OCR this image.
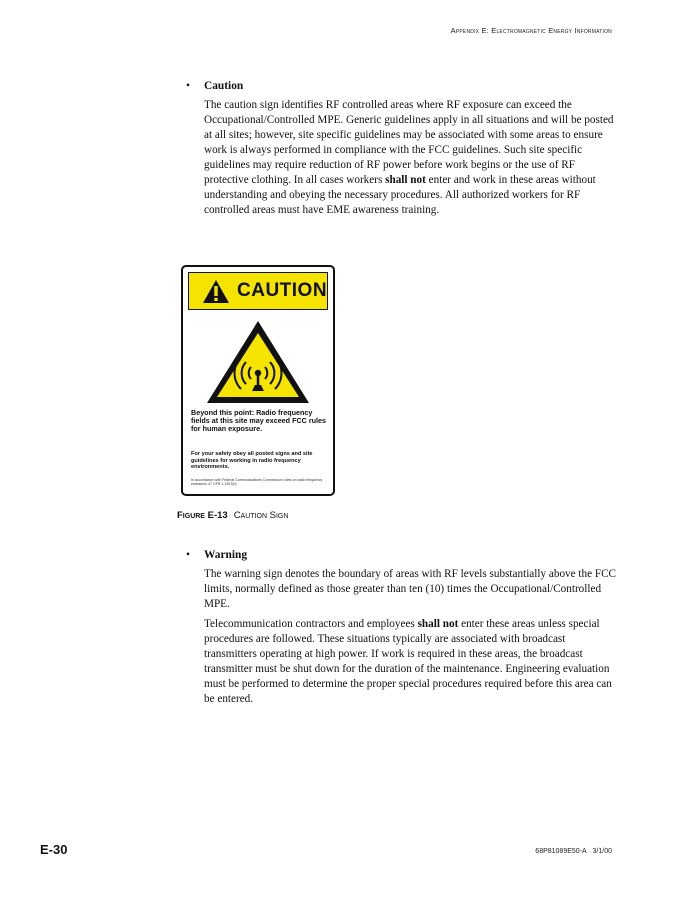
Appendix E: Electromagnetic Energy Information
• Caution

The caution sign identifies RF controlled areas where RF exposure can exceed the Occupational/Controlled MPE. Generic guidelines apply in all situations and will be posted at all sites; however, site specific guidelines may be associated with some areas to ensure work is always performed in compliance with the FCC guidelines. Such site specific guidelines may require reduction of RF power before work begins or the use of RF protective clothing. In all cases workers shall not enter and work in these areas without understanding and obeying the necessary procedures. All authorized workers for RF controlled areas must have EME awareness training.

CAUTION
Beyond this point: Radio frequency fields at this site may exceed FCC rules for human exposure.
For your safety obey all posted signs and site guidelines for working in radio frequency environments.
In accordance with Federal Communications Commission rules on radio frequency emissions 47 CFR 1.1307(b)
Figure E-13 Caution Sign
• Warning

The warning sign denotes the boundary of areas with RF levels substantially above the FCC limits, normally defined as those greater than ten (10) times the Occupational/Controlled MPE.

Telecommunication contractors and employees shall not enter these areas unless special procedures are followed. These situations typically are associated with broadcast transmitters operating at high power. If work is required in these areas, the broadcast transmitter must be shut down for the duration of the maintenance. Engineering evaluation must be performed to determine the proper special procedures required before this area can be entered.

E-30	68P81089E50-A 3/1/00
